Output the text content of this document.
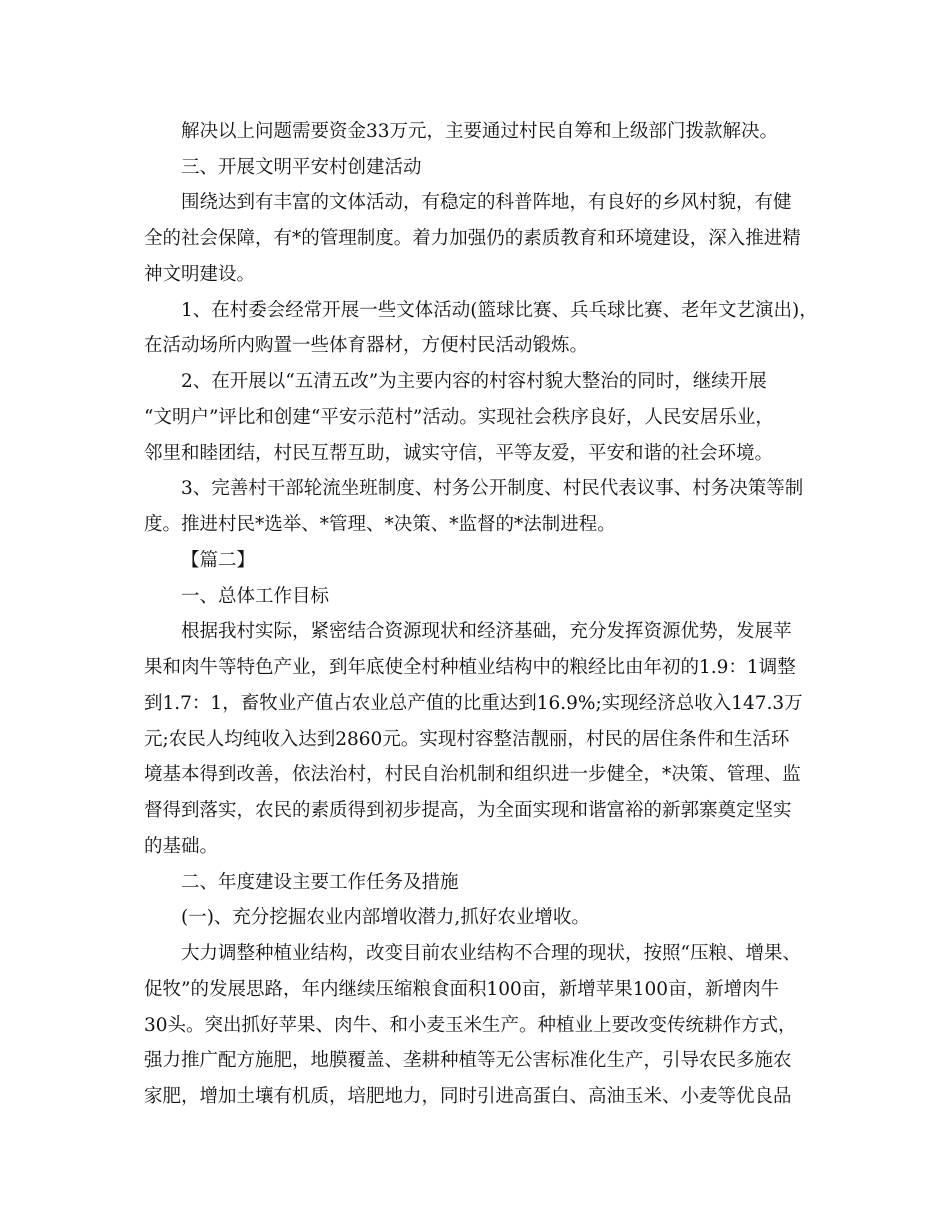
解决以上问题需要资金33万元，主要通过村民自筹和上级部门拨款解决。
三、开展文明平安村创建活动
围绕达到有丰富的文体活动，有稳定的科普阵地，有良好的乡风村貌，有健
全的社会保障，有*的管理制度。着力加强仍的素质教育和环境建设，深入推进精
神文明建设。
1、在村委会经常开展一些文体活动(篮球比赛、兵乓球比赛、老年文艺演出)，
在活动场所内购置一些体育器材，方便村民活动锻炼。
2、在开展以“五清五改”为主要内容的村容村貌大整治的同时，继续开展
“文明户”评比和创建“平安示范村”活动。实现社会秩序良好，人民安居乐业，
邻里和睦团结，村民互帮互助，诚实守信，平等友爱，平安和谐的社会环境。
3、完善村干部轮流坐班制度、村务公开制度、村民代表议事、村务决策等制
度。推进村民*选举、*管理、*决策、*监督的*法制进程。
【篇二】
一、总体工作目标
根据我村实际，紧密结合资源现状和经济基础，充分发挥资源优势，发展苹
果和肉牛等特色产业，到年底使全村种植业结构中的粮经比由年初的1.9：1调整
到1.7：1，畜牧业产值占农业总产值的比重达到16.9%;实现经济总收入147.3万
元;农民人均纯收入达到2860元。实现村容整洁靓丽，村民的居住条件和生活环
境基本得到改善，依法治村，村民自治机制和组织进一步健全，*决策、管理、监
督得到落实，农民的素质得到初步提高，为全面实现和谐富裕的新郭寨奠定坚实
的基础。
二、年度建设主要工作任务及措施
(一)、充分挖掘农业内部增收潜力,抓好农业增收。
大力调整种植业结构，改变目前农业结构不合理的现状，按照“压粮、增果、
促牧”的发展思路，年内继续压缩粮食面积100亩，新增苹果100亩，新增肉牛
30头。突出抓好苹果、肉牛、和小麦玉米生产。种植业上要改变传统耕作方式，
强力推广配方施肥，地膜覆盖、垄耕种植等无公害标准化生产，引导农民多施农
家肥，增加土壤有机质，培肥地力，同时引进高蛋白、高油玉米、小麦等优良品
